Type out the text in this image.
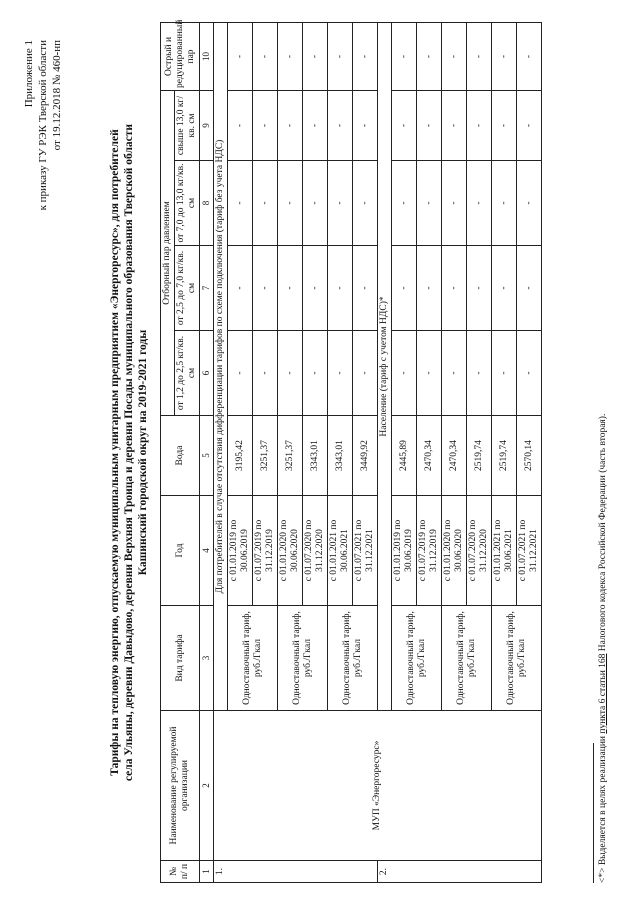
Приложение 1 к приказу ГУ РЭК Тверской области от 19.12.2018 № 460-нп
Тарифы на тепловую энергию, отпускаемую муниципальным унитарным предприятием «Энергоресурс», для потребителей села Ульяны, деревни Давыдово, деревни Верхняя Троица и деревни Посады муниципального образования Тверской области Кашинский городской округ на 2019-2021 годы
№ п/ п	Наименование регулируемой организации	Вид тарифа	Год	Вода	Отборный пар давлением				Острый и редуцированный пар
					от 1,2 до 2,5 кг/кв. см	от 2,5 до 7,0 кг/кв. см	от 7,0 до 13,0 кг/кв. см	свыше 13,0 кг/кв. см	
1	2	3	4	5	6	7	8	9	10
1.	МУП «Энергоресурс»	Для потребителей в случае отсутствия дифференциации тарифов по схеме подключения (тариф без учета НДС)							
		Одноставочный тариф, руб./Гкал	с 01.01.2019 по 30.06.2019	3195,42	-	-	-	-	-
			с 01.07.2019 по 31.12.2019	3251,37	-	-	-	-	-
		Одноставочный тариф, руб./Гкал	с 01.01.2020 по 30.06.2020	3251,37	-	-	-	-	-
			с 01.07.2020 по 31.12.2020	3343,01	-	-	-	-	-
		Одноставочный тариф, руб./Гкал	с 01.01.2021 по 30.06.2021	3343,01	-	-	-	-	-
			с 01.07.2021 по 31.12.2021	3449,92	-	-	-	-	-
2.		Население (тариф с учетом НДС)*							
		Одноставочный тариф, руб./Гкал	с 01.01.2019 по 30.06.2019	2445,89	-	-	-	-	-
			с 01.07.2019 по 31.12.2019	2470,34	-	-	-	-	-
		Одноставочный тариф, руб./Гкал	с 01.01.2020 по 30.06.2020	2470,34	-	-	-	-	-
			с 01.07.2020 по 31.12.2020	2519,74	-	-	-	-	-
		Одноставочный тариф, руб./Гкал	с 01.01.2021 по 30.06.2021	2519,74	-	-	-	-	-
			с 01.07.2021 по 31.12.2021	2570,14	-	-	-	-	-
<*> Выделяется в целях реализации пункта 6 статьи 168 Налогового кодекса Российской Федерации (часть вторая).
